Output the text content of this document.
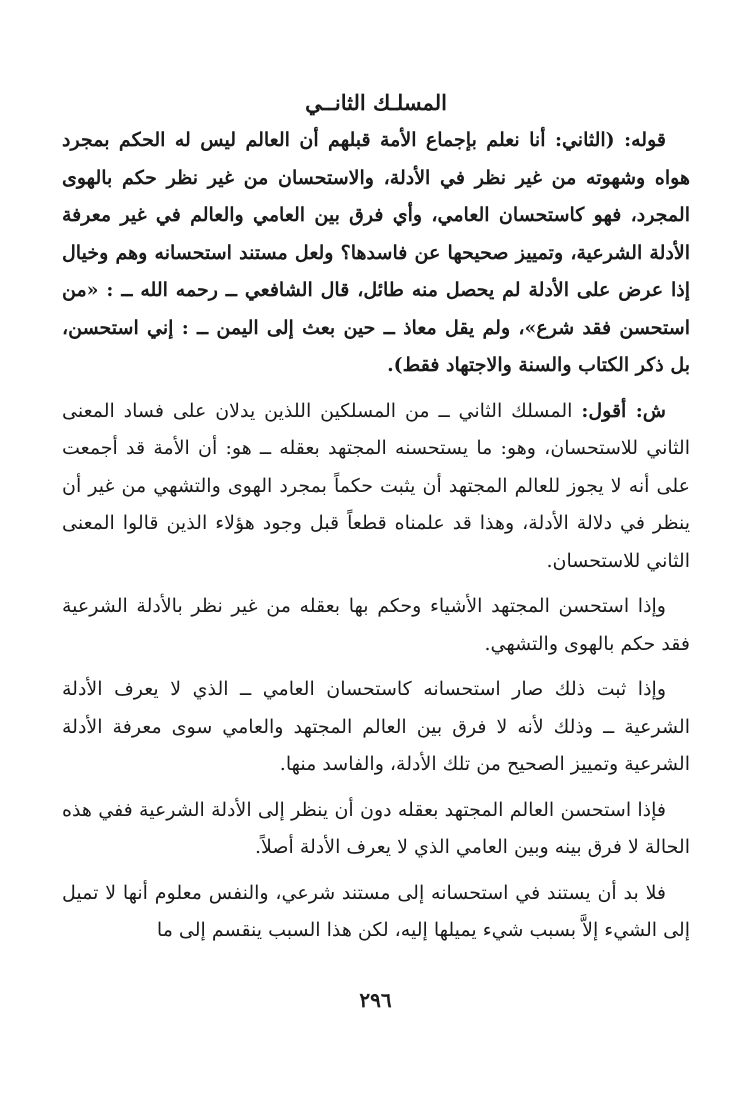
المسلـك الثانــي

قوله: (الثاني: أنا نعلم بإجماع الأمة قبلهم أن العالم ليس له الحكم بمجرد هواه وشهوته من غير نظر في الأدلة، والاستحسان من غير نظر حكم بالهوى المجرد، فهو كاستحسان العامي، وأي فرق بين العامي والعالم في غير معرفة الأدلة الشرعية، وتمييز صحيحها عن فاسدها؟ ولعل مستند استحسانه وهم وخيال إذا عرض على الأدلة لم يحصل منه طائل، قال الشافعي ــ رحمه الله ــ : «من استحسن فقد شرع»، ولم يقل معاذ ــ حين بعث إلى اليمن ــ : إني استحسن، بل ذكر الكتاب والسنة والاجتهاد فقط).

ش: أقول: المسلك الثاني ــ من المسلكين اللذين يدلان على فساد المعنى الثاني للاستحسان، وهو: ما يستحسنه المجتهد بعقله ــ هو: أن الأمة قد أجمعت على أنه لا يجوز للعالم المجتهد أن يثبت حكماً بمجرد الهوى والتشهي من غير أن ينظر في دلالة الأدلة، وهذا قد علمناه قطعاً قبل وجود هؤلاء الذين قالوا المعنى الثاني للاستحسان.

وإذا استحسن المجتهد الأشياء وحكم بها بعقله من غير نظر بالأدلة الشرعية فقد حكم بالهوى والتشهي.

وإذا ثبت ذلك صار استحسانه كاستحسان العامي ــ الذي لا يعرف الأدلة الشرعية ــ وذلك لأنه لا فرق بين العالم المجتهد والعامي سوى معرفة الأدلة الشرعية وتمييز الصحيح من تلك الأدلة، والفاسد منها.

فإذا استحسن العالم المجتهد بعقله دون أن ينظر إلى الأدلة الشرعية ففي هذه الحالة لا فرق بينه وبين العامي الذي لا يعرف الأدلة أصلاً.

فلا بد أن يستند في استحسانه إلى مستند شرعي، والنفس معلوم أنها لا تميل إلى الشيء إلاَّ بسبب شيء يميلها إليه، لكن هذا السبب ينقسم إلى ما

٢٩٦
